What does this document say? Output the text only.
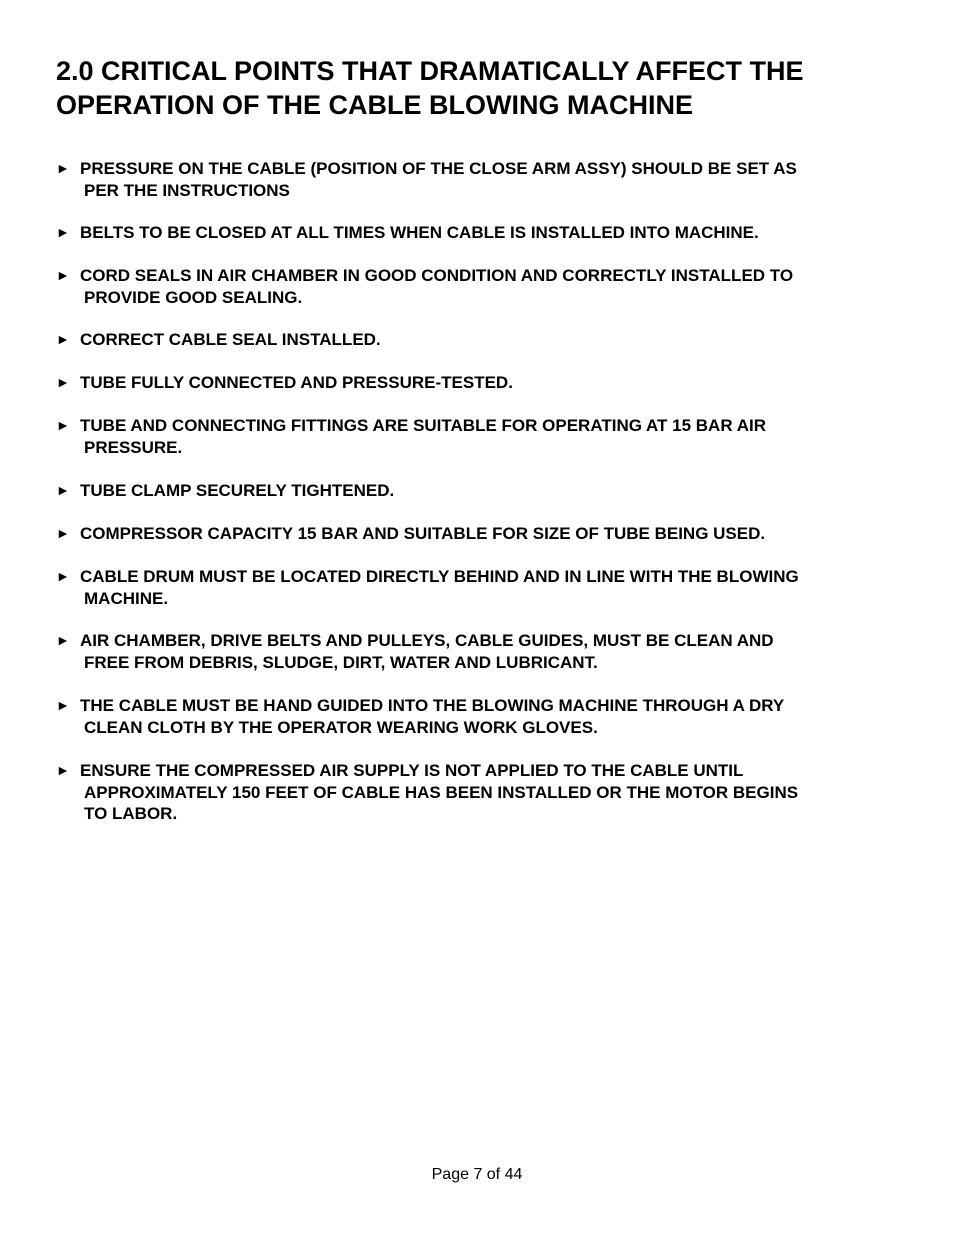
2.0 CRITICAL POINTS THAT DRAMATICALLY AFFECT THE
OPERATION OF THE CABLE BLOWING MACHINE
► PRESSURE ON THE CABLE (POSITION OF THE CLOSE ARM ASSY) SHOULD BE SET AS
PER THE INSTRUCTIONS
► BELTS TO BE CLOSED AT ALL TIMES WHEN CABLE IS INSTALLED INTO MACHINE.
► CORD SEALS IN AIR CHAMBER IN GOOD CONDITION AND CORRECTLY INSTALLED TO
PROVIDE GOOD SEALING.
► CORRECT CABLE SEAL INSTALLED.
► TUBE FULLY CONNECTED AND PRESSURE-TESTED.
► TUBE AND CONNECTING FITTINGS ARE SUITABLE FOR OPERATING AT 15 BAR AIR
PRESSURE.
► TUBE CLAMP SECURELY TIGHTENED.
► COMPRESSOR CAPACITY 15 BAR AND SUITABLE FOR SIZE OF TUBE BEING USED.
► CABLE DRUM MUST BE LOCATED DIRECTLY BEHIND AND IN LINE WITH THE BLOWING
MACHINE.
► AIR CHAMBER, DRIVE BELTS AND PULLEYS, CABLE GUIDES, MUST BE CLEAN AND
FREE FROM DEBRIS, SLUDGE, DIRT, WATER AND LUBRICANT.
► THE CABLE MUST BE HAND GUIDED INTO THE BLOWING MACHINE THROUGH A DRY
CLEAN CLOTH BY THE OPERATOR WEARING WORK GLOVES.
► ENSURE THE COMPRESSED AIR SUPPLY IS NOT APPLIED TO THE CABLE UNTIL
APPROXIMATELY 150 FEET OF CABLE HAS BEEN INSTALLED OR THE MOTOR BEGINS
TO LABOR.
Page 7 of 44
